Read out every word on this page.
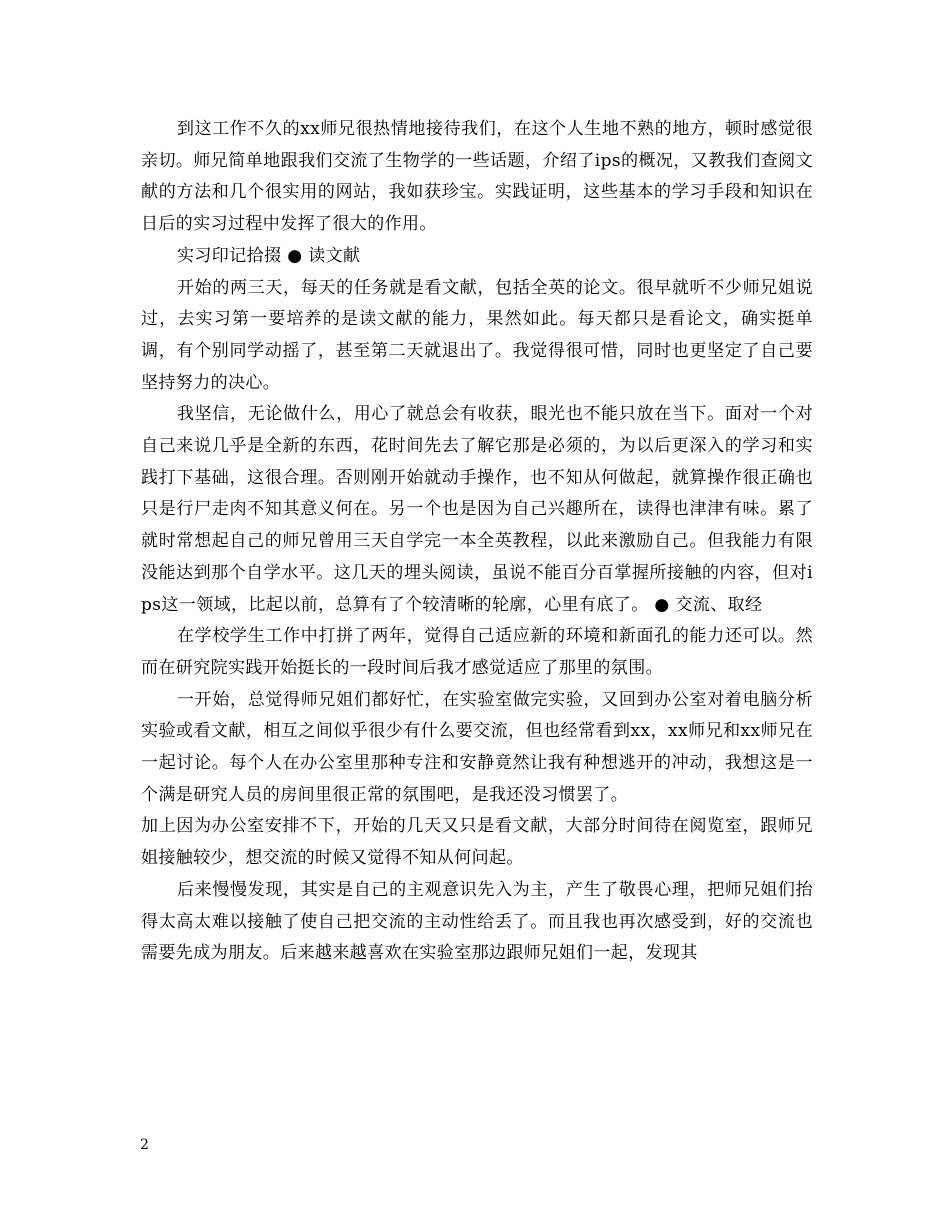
到这工作不久的xx师兄很热情地接待我们，在这个人生地不熟的地方，顿时感觉很亲切。师兄简单地跟我们交流了生物学的一些话题，介绍了ips的概况，又教我们查阅文献的方法和几个很实用的网站，我如获珍宝。实践证明，这些基本的学习手段和知识在日后的实习过程中发挥了很大的作用。

实习印记拾掇 ● 读文献

开始的两三天，每天的任务就是看文献，包括全英的论文。很早就听不少师兄姐说过，去实习第一要培养的是读文献的能力，果然如此。每天都只是看论文，确实挺单调，有个别同学动摇了，甚至第二天就退出了。我觉得很可惜，同时也更坚定了自己要坚持努力的决心。

我坚信，无论做什么，用心了就总会有收获，眼光也不能只放在当下。面对一个对自己来说几乎是全新的东西，花时间先去了解它那是必须的，为以后更深入的学习和实践打下基础，这很合理。否则刚开始就动手操作，也不知从何做起，就算操作很正确也只是行尸走肉不知其意义何在。另一个也是因为自己兴趣所在，读得也津津有味。累了就时常想起自己的师兄曾用三天自学完一本全英教程，以此来激励自己。但我能力有限没能达到那个自学水平。这几天的埋头阅读，虽说不能百分百掌握所接触的内容，但对ips这一领域，比起以前，总算有了个较清晰的轮廓，心里有底了。 ● 交流、取经

在学校学生工作中打拼了两年，觉得自己适应新的环境和新面孔的能力还可以。然而在研究院实践开始挺长的一段时间后我才感觉适应了那里的氛围。

一开始，总觉得师兄姐们都好忙，在实验室做完实验，又回到办公室对着电脑分析实验或看文献，相互之间似乎很少有什么要交流，但也经常看到xx，xx师兄和xx师兄在一起讨论。每个人在办公室里那种专注和安静竟然让我有种想逃开的冲动，我想这是一个满是研究人员的房间里很正常的氛围吧，是我还没习惯罢了。

加上因为办公室安排不下，开始的几天又只是看文献，大部分时间待在阅览室，跟师兄姐接触较少，想交流的时候又觉得不知从何问起。

后来慢慢发现，其实是自己的主观意识先入为主，产生了敬畏心理，把师兄姐们抬得太高太难以接触了使自己把交流的主动性给丢了。而且我也再次感受到，好的交流也需要先成为朋友。后来越来越喜欢在实验室那边跟师兄姐们一起，发现其

2
